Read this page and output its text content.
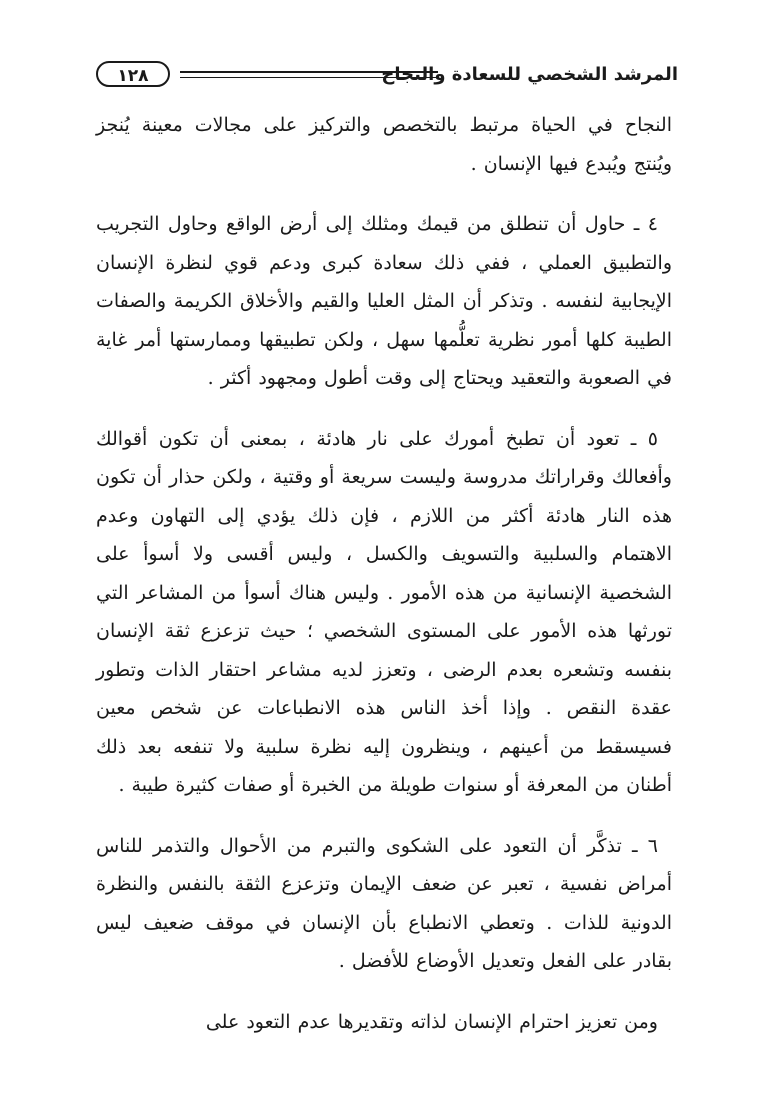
المرشد الشخصي للسعادة والنجاح
١٢٨

النجاح في الحياة مرتبط بالتخصص والتركيز على مجالات معينة يُنجز ويُنتج ويُبدع فيها الإنسان .

٤ ـ حاول أن تنطلق من قيمك ومثلك إلى أرض الواقع وحاول التجريب والتطبيق العملي ، ففي ذلك سعادة كبرى ودعم قوي لنظرة الإنسان الإيجابية لنفسه . وتذكر أن المثل العليا والقيم والأخلاق الكريمة والصفات الطيبة كلها أمور نظرية تعلُّمها سهل ، ولكن تطبيقها وممارستها أمر غاية في الصعوبة والتعقيد ويحتاج إلى وقت أطول ومجهود أكثر .

٥ ـ تعود أن تطبخ أمورك على نار هادئة ، بمعنى أن تكون أقوالك وأفعالك وقراراتك مدروسة وليست سريعة أو وقتية ، ولكن حذار أن تكون هذه النار هادئة أكثر من اللازم ، فإن ذلك يؤدي إلى التهاون وعدم الاهتمام والسلبية والتسويف والكسل ، وليس أقسى ولا أسوأ على الشخصية الإنسانية من هذه الأمور . وليس هناك أسوأ من المشاعر التي تورثها هذه الأمور على المستوى الشخصي ؛ حيث تزعزع ثقة الإنسان بنفسه وتشعره بعدم الرضى ، وتعزز لديه مشاعر احتقار الذات وتطور عقدة النقص . وإذا أخذ الناس هذه الانطباعات عن شخص معين فسيسقط من أعينهم ، وينظرون إليه نظرة سلبية ولا تنفعه بعد ذلك أطنان من المعرفة أو سنوات طويلة من الخبرة أو صفات كثيرة طيبة .

٦ ـ تذكَّر أن التعود على الشكوى والتبرم من الأحوال والتذمر للناس أمراض نفسية ، تعبر عن ضعف الإيمان وتزعزع الثقة بالنفس والنظرة الدونية للذات . وتعطي الانطباع بأن الإنسان في موقف ضعيف ليس بقادر على الفعل وتعديل الأوضاع للأفضل .

ومن تعزيز احترام الإنسان لذاته وتقديرها عدم التعود على
